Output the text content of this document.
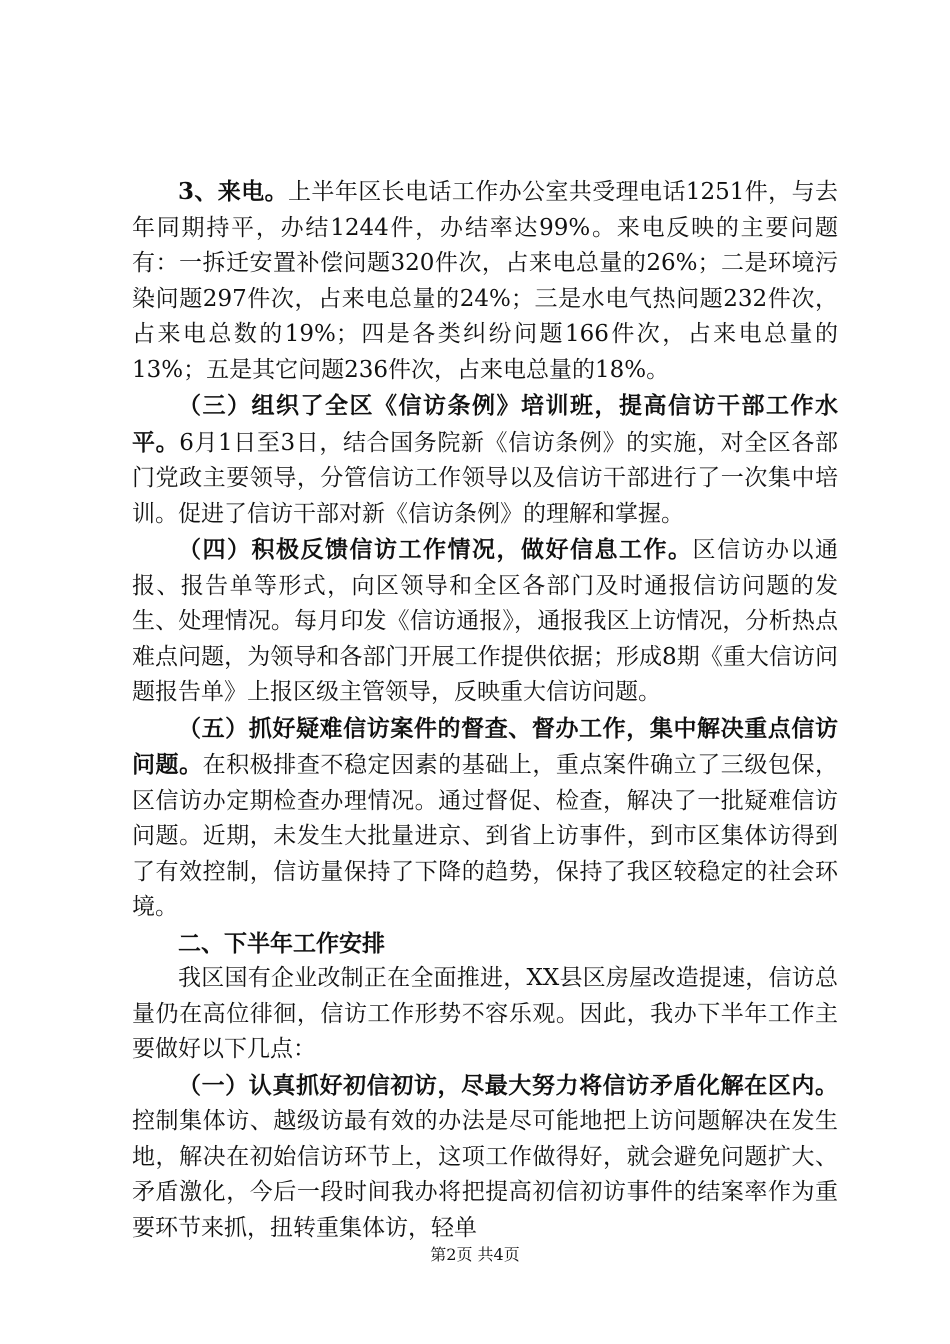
3、来电。上半年区长电话工作办公室共受理电话1251件，与去年同期持平，办结1244件，办结率达99%。来电反映的主要问题有：一拆迁安置补偿问题320件次，占来电总量的26%；二是环境污染问题297件次，占来电总量的24%；三是水电气热问题232件次，占来电总数的19%；四是各类纠纷问题166件次，占来电总量的13%；五是其它问题236件次，占来电总量的18%。

（三）组织了全区《信访条例》培训班，提高信访干部工作水平。6月1日至3日，结合国务院新《信访条例》的实施，对全区各部门党政主要领导，分管信访工作领导以及信访干部进行了一次集中培训。促进了信访干部对新《信访条例》的理解和掌握。

（四）积极反馈信访工作情况，做好信息工作。区信访办以通报、报告单等形式，向区领导和全区各部门及时通报信访问题的发生、处理情况。每月印发《信访通报》，通报我区上访情况，分析热点难点问题，为领导和各部门开展工作提供依据；形成8期《重大信访问题报告单》上报区级主管领导，反映重大信访问题。

（五）抓好疑难信访案件的督查、督办工作，集中解决重点信访问题。在积极排查不稳定因素的基础上，重点案件确立了三级包保，区信访办定期检查办理情况。通过督促、检查，解决了一批疑难信访问题。近期，未发生大批量进京、到省上访事件，到市区集体访得到了有效控制，信访量保持了下降的趋势，保持了我区较稳定的社会环境。

二、下半年工作安排

我区国有企业改制正在全面推进，XX县区房屋改造提速，信访总量仍在高位徘徊，信访工作形势不容乐观。因此，我办下半年工作主要做好以下几点：

（一）认真抓好初信初访，尽最大努力将信访矛盾化解在区内。控制集体访、越级访最有效的办法是尽可能地把上访问题解决在发生地，解决在初始信访环节上，这项工作做得好，就会避免问题扩大、矛盾激化，今后一段时间我办将把提高初信初访事件的结案率作为重要环节来抓，扭转重集体访，轻单

第2页 共4页
